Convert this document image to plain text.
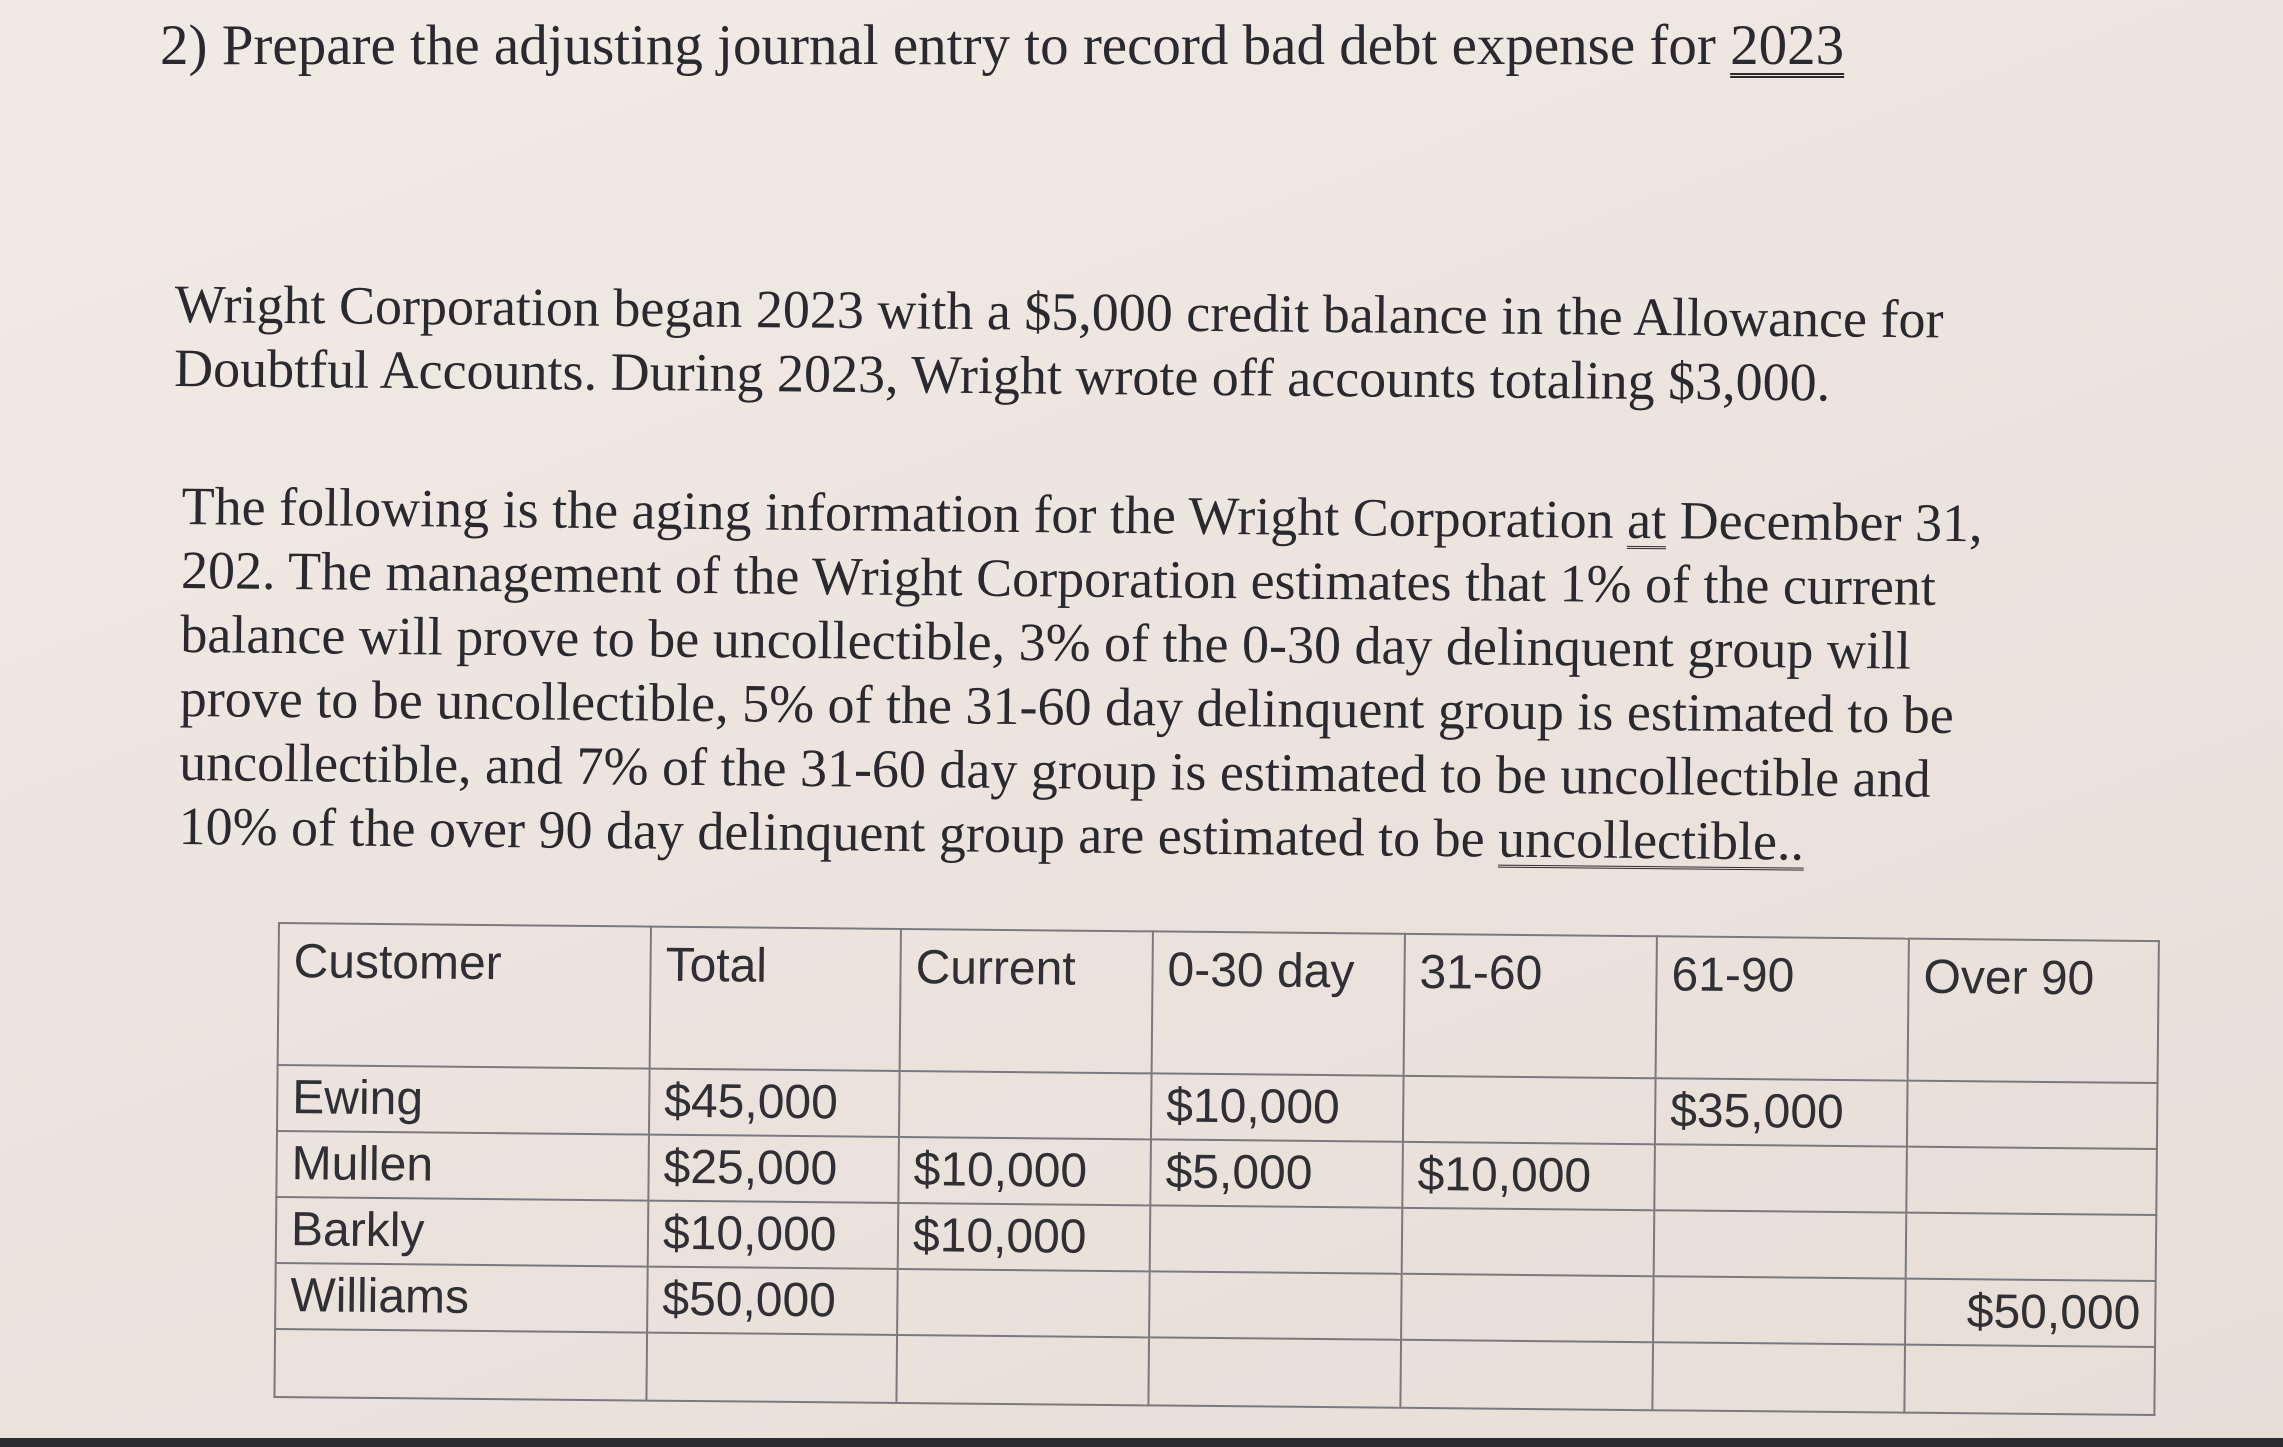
2) Prepare the adjusting journal entry to record bad debt expense for 2023
Wright Corporation began 2023 with a $5,000 credit balance in the Allowance for
Doubtful Accounts. During 2023, Wright wrote off accounts totaling $3,000.
The following is the aging information for the Wright Corporation at December 31,
202. The management of the Wright Corporation estimates that 1% of the current
balance will prove to be uncollectible, 3% of the 0-30 day delinquent group will
prove to be uncollectible, 5% of the 31-60 day delinquent group is estimated to be
uncollectible, and 7% of the 31-60 day group is estimated to be uncollectible and
10% of the over 90 day delinquent group are estimated to be uncollectible..
Customer	Total	Current	0-30 day	31-60	61-90	Over 90
Ewing	$45,000		$10,000		$35,000	
Mullen	$25,000	$10,000	$5,000	$10,000		
Barkly	$10,000	$10,000				
Williams	$50,000					$50,000
